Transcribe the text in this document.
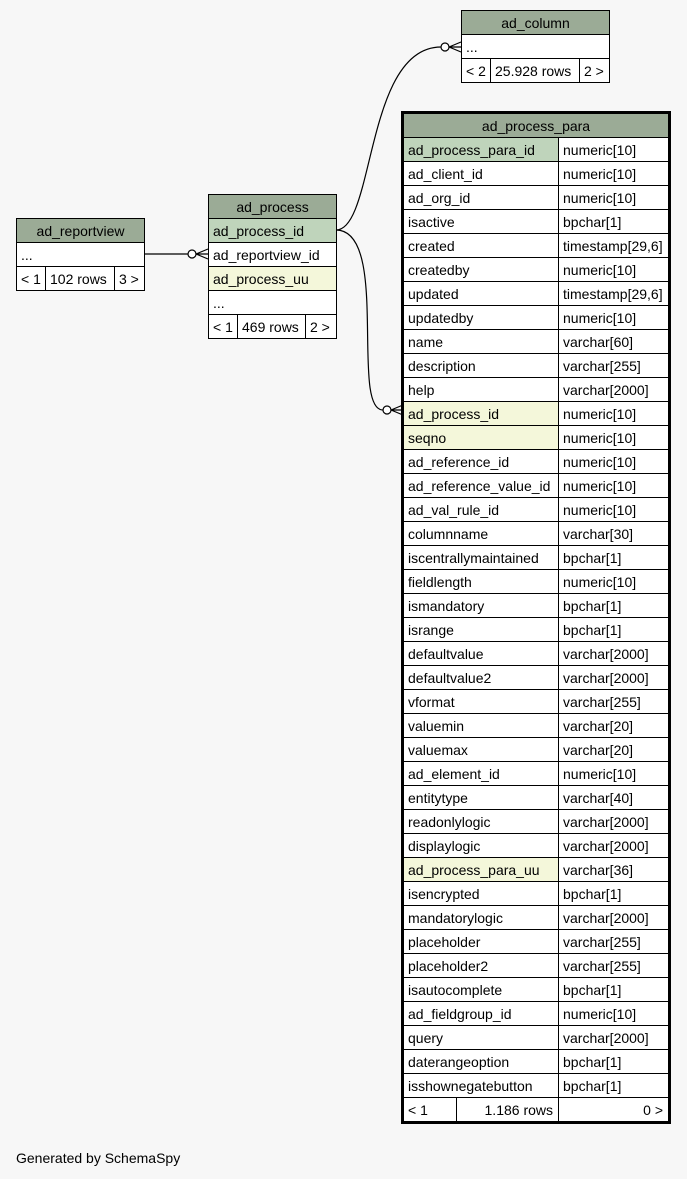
ad_column
...
< 2	25.928 rows	2 >
ad_reportview
...
< 1	102 rows	3 >
ad_process
ad_process_id
ad_reportview_id
ad_process_uu
...
< 1	469 rows	2 >
ad_process_para		
ad_process_para_id		numeric[10]
ad_client_id		numeric[10]
ad_org_id		numeric[10]
isactive		bpchar[1]
created		timestamp[29,6]
createdby		numeric[10]
updated		timestamp[29,6]
updatedby		numeric[10]
name		varchar[60]
description		varchar[255]
help		varchar[2000]
ad_process_id		numeric[10]
seqno		numeric[10]
ad_reference_id		numeric[10]
ad_reference_value_id		numeric[10]
ad_val_rule_id		numeric[10]
columnname		varchar[30]
iscentrallymaintained		bpchar[1]
fieldlength		numeric[10]
ismandatory		bpchar[1]
isrange		bpchar[1]
defaultvalue		varchar[2000]
defaultvalue2		varchar[2000]
vformat		varchar[255]
valuemin		varchar[20]
valuemax		varchar[20]
ad_element_id		numeric[10]
entitytype		varchar[40]
readonlylogic		varchar[2000]
displaylogic		varchar[2000]
ad_process_para_uu		varchar[36]
isencrypted		bpchar[1]
mandatorylogic		varchar[2000]
placeholder		varchar[255]
placeholder2		varchar[255]
isautocomplete		bpchar[1]
ad_fieldgroup_id		numeric[10]
query		varchar[2000]
daterangeoption		bpchar[1]
isshownegatebutton		bpchar[1]
< 1	1.186 rows	0 >
Generated by SchemaSpy
